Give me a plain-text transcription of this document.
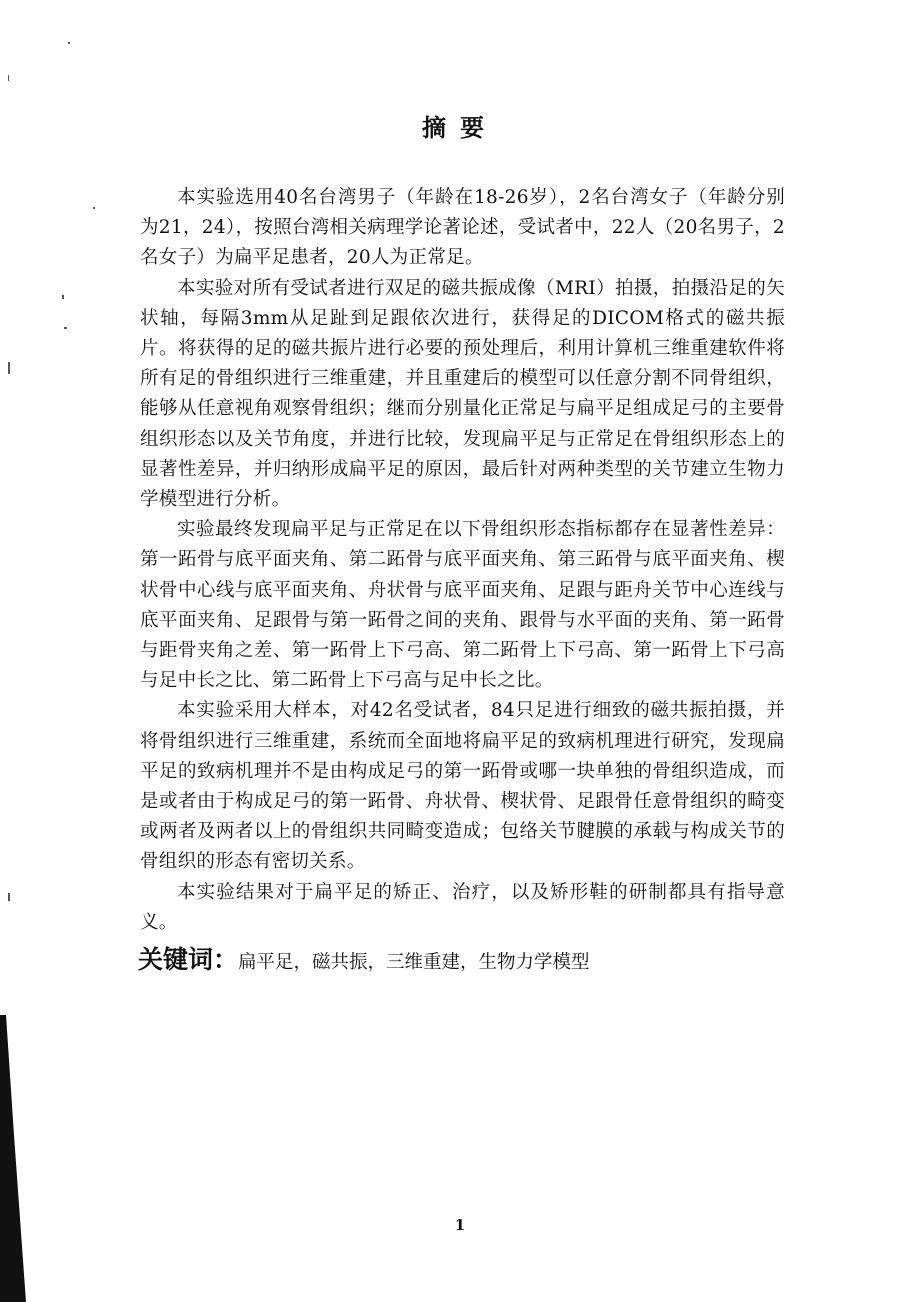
摘要

本实验选用40名台湾男子（年龄在18-26岁），2名台湾女子（年龄分别为21，24），按照台湾相关病理学论著论述，受试者中，22人（20名男子，2名女子）为扁平足患者，20人为正常足。

本实验对所有受试者进行双足的磁共振成像（MRI）拍摄，拍摄沿足的矢状轴，每隔3mm从足趾到足跟依次进行，获得足的DICOM格式的磁共振片。将获得的足的磁共振片进行必要的预处理后，利用计算机三维重建软件将所有足的骨组织进行三维重建，并且重建后的模型可以任意分割不同骨组织，能够从任意视角观察骨组织；继而分别量化正常足与扁平足组成足弓的主要骨组织形态以及关节角度，并进行比较，发现扁平足与正常足在骨组织形态上的显著性差异，并归纳形成扁平足的原因，最后针对两种类型的关节建立生物力学模型进行分析。

实验最终发现扁平足与正常足在以下骨组织形态指标都存在显著性差异：第一跖骨与底平面夹角、第二跖骨与底平面夹角、第三跖骨与底平面夹角、楔状骨中心线与底平面夹角、舟状骨与底平面夹角、足跟与距舟关节中心连线与底平面夹角、足跟骨与第一跖骨之间的夹角、跟骨与水平面的夹角、第一跖骨与距骨夹角之差、第一跖骨上下弓高、第二跖骨上下弓高、第一跖骨上下弓高与足中长之比、第二跖骨上下弓高与足中长之比。

本实验采用大样本，对42名受试者，84只足进行细致的磁共振拍摄，并将骨组织进行三维重建，系统而全面地将扁平足的致病机理进行研究，发现扁平足的致病机理并不是由构成足弓的第一跖骨或哪一块单独的骨组织造成，而是或者由于构成足弓的第一跖骨、舟状骨、楔状骨、足跟骨任意骨组织的畸变或两者及两者以上的骨组织共同畸变造成；包络关节腱膜的承载与构成关节的骨组织的形态有密切关系。

本实验结果对于扁平足的矫正、治疗，以及矫形鞋的研制都具有指导意义。

关键词：扁平足，磁共振，三维重建，生物力学模型
1
